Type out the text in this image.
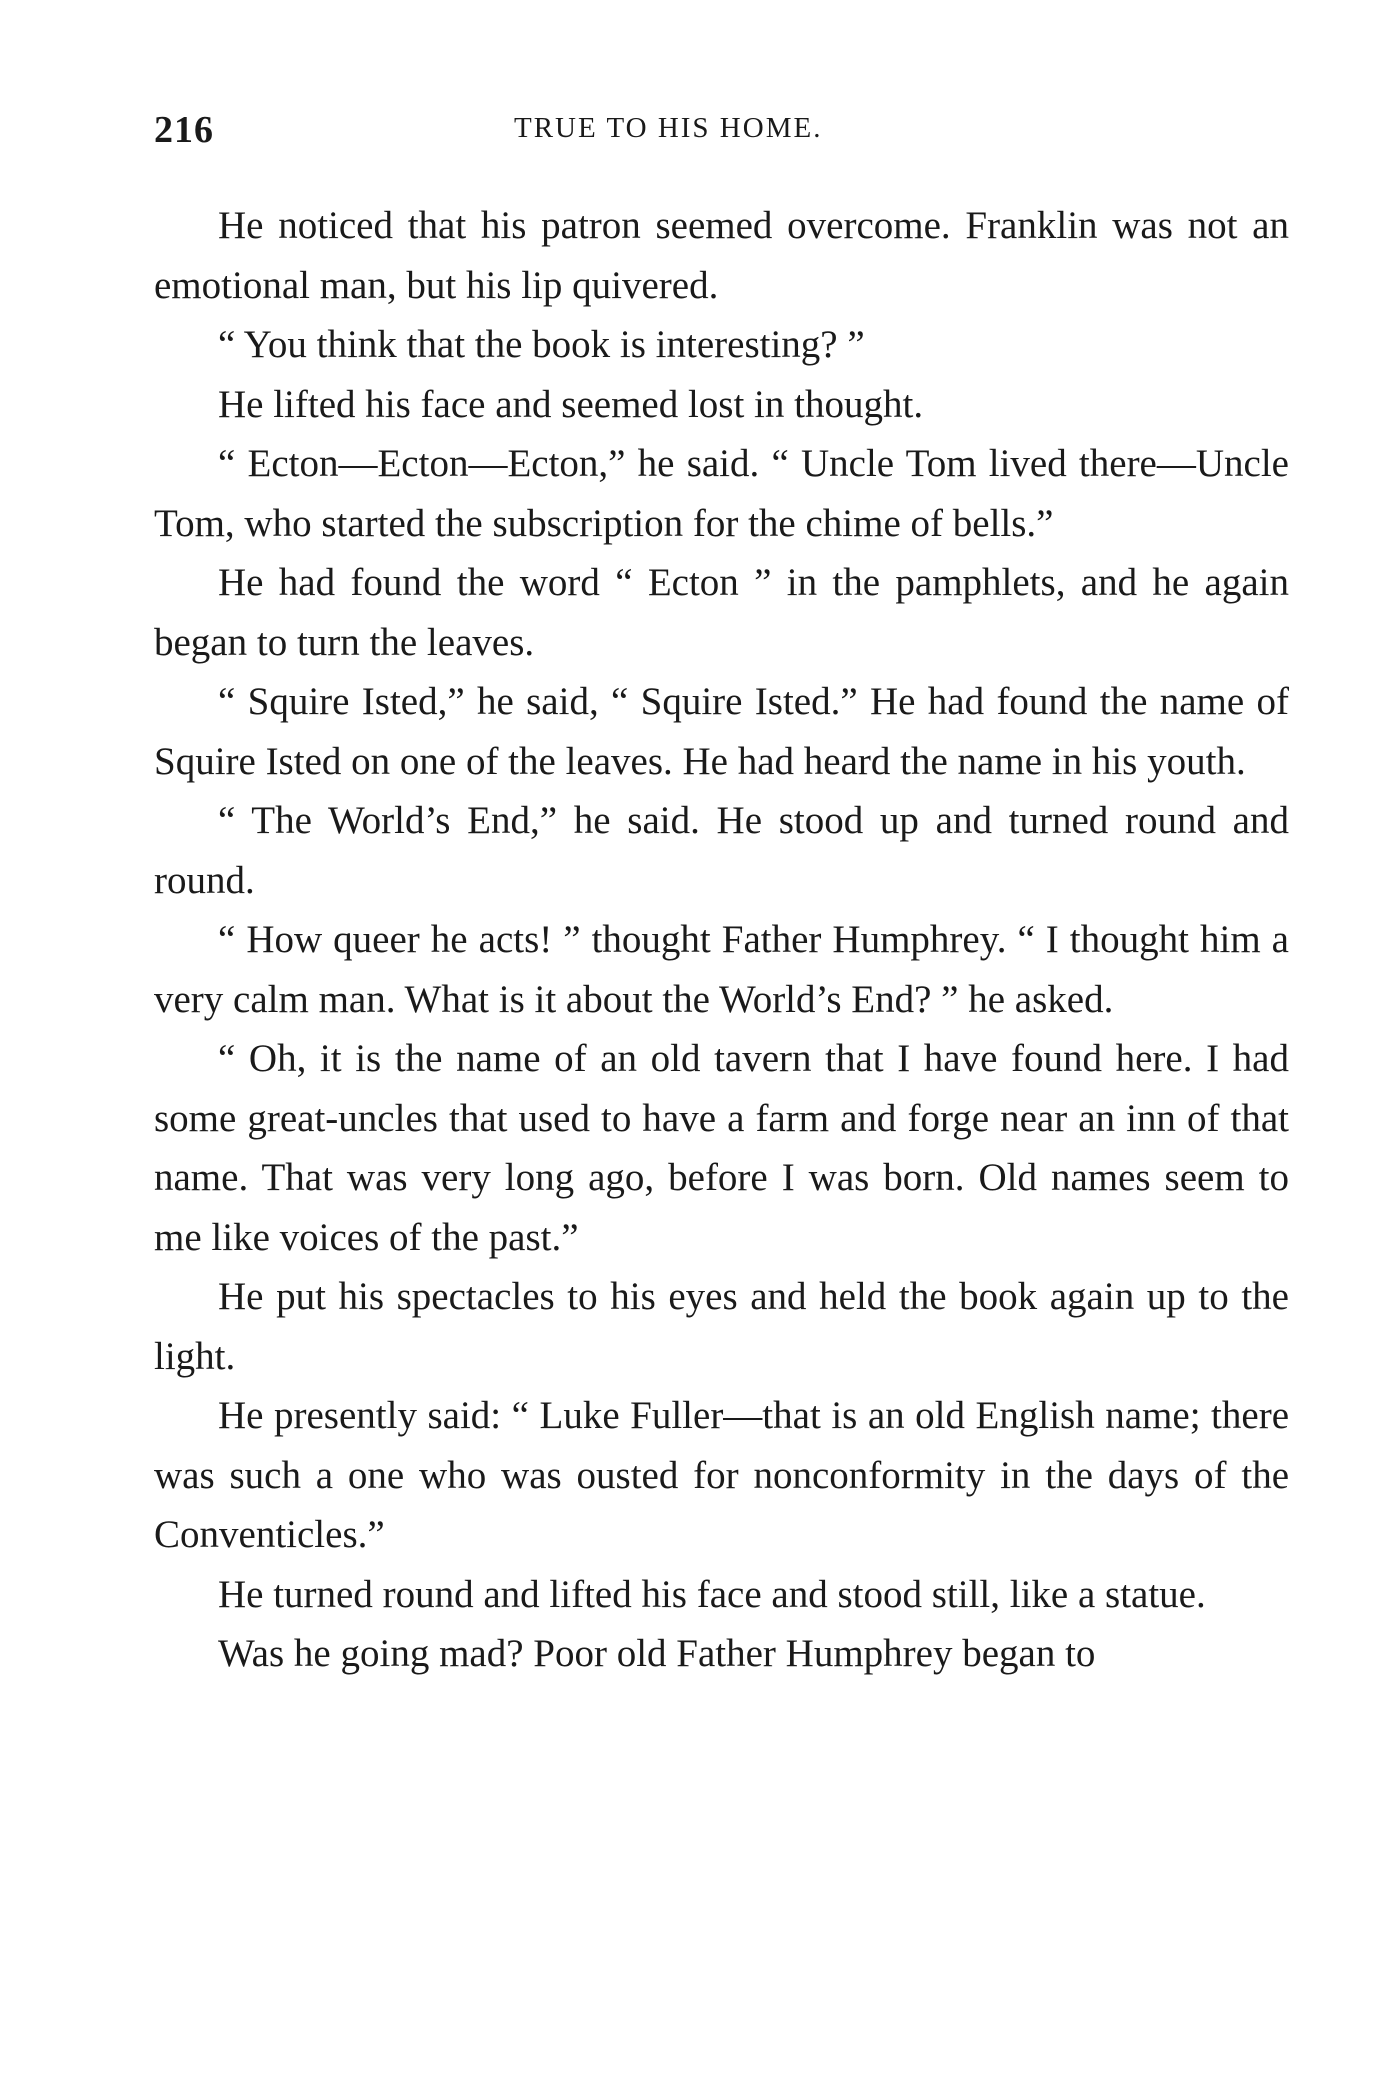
216	TRUE TO HIS HOME.

He noticed that his patron seemed overcome. Franklin was not an emotional man, but his lip quivered.

“ You think that the book is interesting? ”

He lifted his face and seemed lost in thought.

“ Ecton—Ecton—Ecton,” he said. “ Uncle Tom lived there—Uncle Tom, who started the subscription for the chime of bells.”

He had found the word “ Ecton ” in the pamphlets, and he again began to turn the leaves.

“ Squire Isted,” he said, “ Squire Isted.” He had found the name of Squire Isted on one of the leaves. He had heard the name in his youth.

“ The World’s End,” he said. He stood up and turned round and round.

“ How queer he acts! ” thought Father Humphrey. “ I thought him a very calm man. What is it about the World’s End? ” he asked.

“ Oh, it is the name of an old tavern that I have found here. I had some great-uncles that used to have a farm and forge near an inn of that name. That was very long ago, before I was born. Old names seem to me like voices of the past.”

He put his spectacles to his eyes and held the book again up to the light.

He presently said: “ Luke Fuller—that is an old English name; there was such a one who was ousted for nonconformity in the days of the Conventicles.”

He turned round and lifted his face and stood still, like a statue.

Was he going mad? Poor old Father Humphrey began to
